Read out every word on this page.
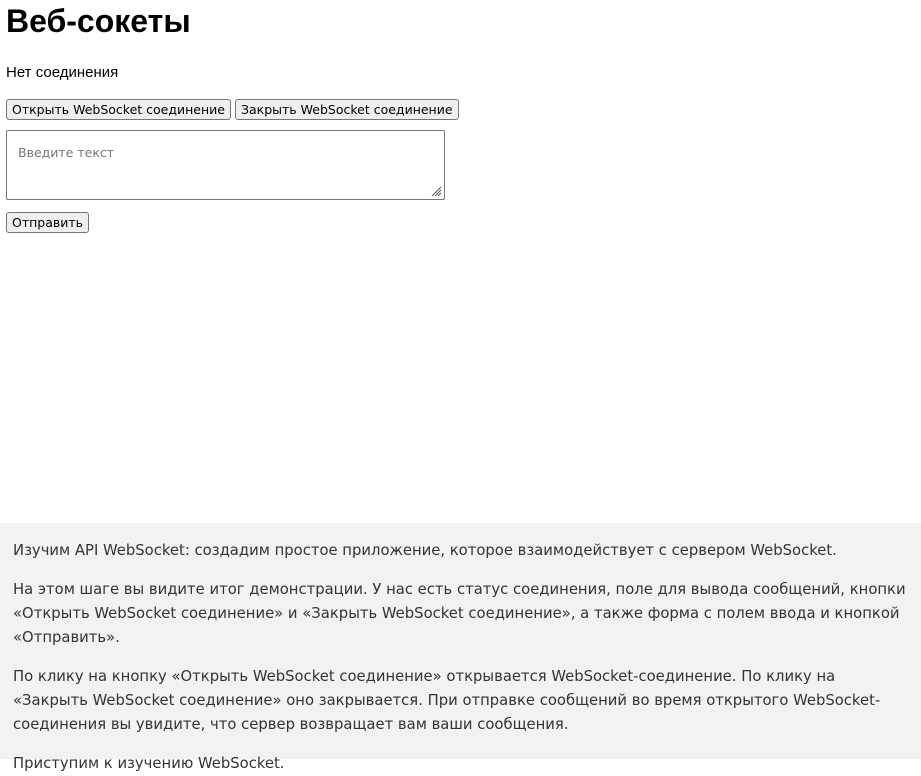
Веб-сокеты

Нет соединения

Открыть WebSocket соединение	Закрыть WebSocket соединение
Введите текст
Отправить

Изучим API WebSocket: создадим простое приложение, которое взаимодействует с сервером WebSocket.

На этом шаге вы видите итог демонстрации. У нас есть статус соединения, поле для вывода сообщений, кнопки «Открыть WebSocket соединение» и «Закрыть WebSocket соединение», а также форма с полем ввода и кнопкой «Отправить».

По клику на кнопку «Открыть WebSocket соединение» открывается WebSocket-соединение. По клику на «Закрыть WebSocket соединение» оно закрывается. При отправке сообщений во время открытого WebSocket-соединения вы увидите, что сервер возвращает вам ваши сообщения.

Приступим к изучению WebSocket.
